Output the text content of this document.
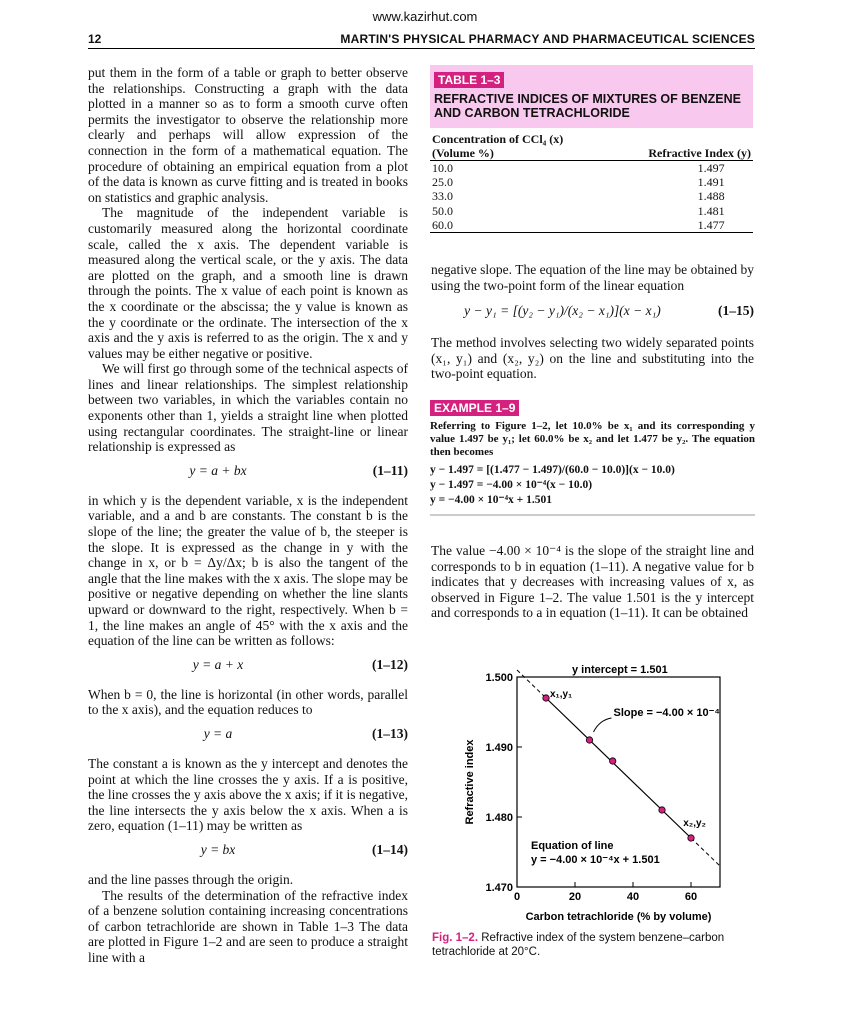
www.kazirhut.com
12	MARTIN'S PHYSICAL PHARMACY AND PHARMACEUTICAL SCIENCES

put them in the form of a table or graph to better observe the relationships. Constructing a graph with the data plotted in a manner so as to form a smooth curve often permits the investigator to observe the relationship more clearly and perhaps will allow expression of the connection in the form of a mathematical equation. The procedure of obtaining an empirical equation from a plot of the data is known as curve fitting and is treated in books on statistics and graphic analysis.

The magnitude of the independent variable is customarily measured along the horizontal coordinate scale, called the x axis. The dependent variable is measured along the vertical scale, or the y axis. The data are plotted on the graph, and a smooth line is drawn through the points. The x value of each point is known as the x coordinate or the abscissa; the y value is known as the y coordinate or the ordinate. The intersection of the x axis and the y axis is referred to as the origin. The x and y values may be either negative or positive.

We will first go through some of the technical aspects of lines and linear relationships. The simplest relationship between two variables, in which the variables contain no exponents other than 1, yields a straight line when plotted using rectangular coordinates. The straight-line or linear relationship is expressed as

y = a + bx	(1–11)

in which y is the dependent variable, x is the independent variable, and a and b are constants. The constant b is the slope of the line; the greater the value of b, the steeper is the slope. It is expressed as the change in y with the change in x, or b = Δy/Δx; b is also the tangent of the angle that the line makes with the x axis. The slope may be positive or negative depending on whether the line slants upward or downward to the right, respectively. When b = 1, the line makes an angle of 45° with the x axis and the equation of the line can be written as follows:

y = a + x	(1–12)

When b = 0, the line is horizontal (in other words, parallel to the x axis), and the equation reduces to

y = a	(1–13)

The constant a is known as the y intercept and denotes the point at which the line crosses the y axis. If a is positive, the line crosses the y axis above the x axis; if it is negative, the line intersects the y axis below the x axis. When a is zero, equation (1–11) may be written as

y = bx	(1–14)

and the line passes through the origin.

The results of the determination of the refractive index of a benzene solution containing increasing concentrations of carbon tetrachloride are shown in Table 1–3 The data are plotted in Figure 1–2 and are seen to produce a straight line with a

TABLE 1–3
REFRACTIVE INDICES OF MIXTURES OF BENZENE AND CARBON TETRACHLORIDE
Concentration of CCl₄ (x) (Volume %)	Refractive Index (y)
10.0	1.497
25.0	1.491
33.0	1.488
50.0	1.481
60.0	1.477

negative slope. The equation of the line may be obtained by using the two-point form of the linear equation

y − y₁ = [(y₂ − y₁)/(x₂ − x₁)](x − x₁)	(1–15)

The method involves selecting two widely separated points (x₁, y₁) and (x₂, y₂) on the line and substituting into the two-point equation.

EXAMPLE 1–9
Referring to Figure 1–2, let 10.0% be x₁ and its corresponding y value 1.497 be y₁; let 60.0% be x₂ and let 1.477 be y₂. The equation then becomes
y − 1.497 = [(1.477 − 1.497)/(60.0 − 10.0)](x − 10.0)
y − 1.497 = −4.00 × 10⁻⁴(x − 10.0)
y = −4.00 × 10⁻⁴x + 1.501

The value −4.00 × 10⁻⁴ is the slope of the straight line and corresponds to b in equation (1–11). A negative value for b indicates that y decreases with increasing values of x, as observed in Figure 1–2. The value 1.501 is the y intercept and corresponds to a in equation (1–11). It can be obtained

0	20	40	60
1.470
1.480
1.490
1.500
Carbon tetrachloride (% by volume)
Refractive index
y intercept = 1.501
x₁,y₁
Slope = −4.00 × 10⁻⁴
x₂,y₂
Equation of line
y = −4.00 × 10⁻⁴x + 1.501
Fig. 1–2. Refractive index of the system benzene–carbon tetrachloride at 20°C.
